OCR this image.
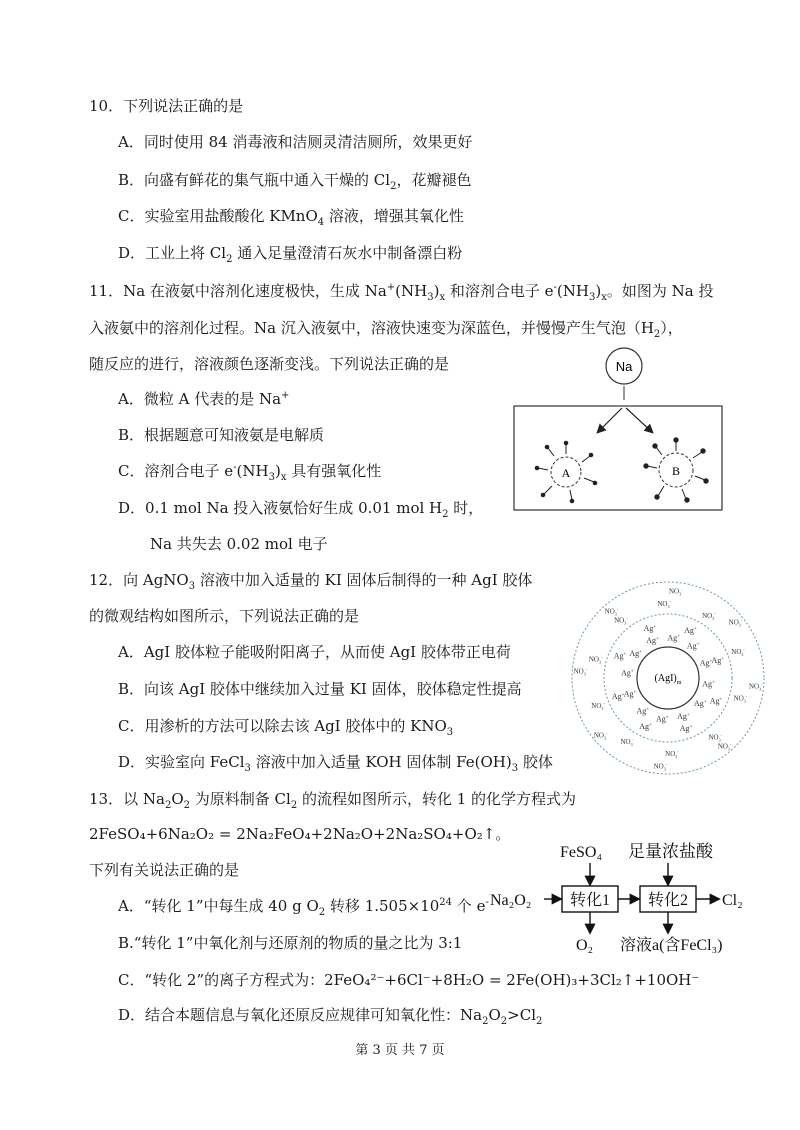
10．下列说法正确的是
A．同时使用 84 消毒液和洁厕灵清洁厕所，效果更好
B．向盛有鲜花的集气瓶中通入干燥的 $Cl_2$，花瓣褪色
C．实验室用盐酸酸化 KMnO$_4$ 溶液，增强其氧化性
D．工业上将 $Cl_2$ 通入足量澄清石灰水中制备漂白粉
11．Na 在液氨中溶剂化速度极快，生成 $Na^+(NH_3)_x$ 和溶剂合电子 $e^-(NH_3)_x$。如图为 Na 投
入液氨中的溶剂化过程。Na 沉入液氨中，溶液快速变为深蓝色，并慢慢产生气泡$(H_2)$，
随反应的进行，溶液颜色逐渐变浅。下列说法正确的是
A．微粒 A 代表的是 Na+
B．根据题意可知液氨是电解质
C．溶剂合电子 $e^-(NH_3)_x$ 具有强氧化性
D．0.1 mol Na 投入液氨恰好生成 0.01 mol $H_2$ 时，
Na 共失去 0.02 mol 电子
Na
A	B
12．向 AgNO$_3$ 溶液中加入适量的 KI 固体后制得的一种 AgI 胶体
的微观结构如图所示，下列说法正确的是
A．AgI 胶体粒子能吸附阳离子，从而使 AgI 胶体带正电荷
B．向该 AgI 胶体中继续加入过量 KI 固体，胶体稳定性提高
C．用渗析的方法可以除去该 AgI 胶体中的 $KNO_3$
D．实验室向 FeCl$_3$ 溶液中加入适量 KOH 固体制 $Fe(OH)_3$ 胶体
$(AgI)_m$	Ag+
Ag+
Ag+
Ag+
Ag+
Ag+
Ag+
Ag+
Ag+ Ag+
Ag+
Ag+
Ag+
Ag+
Ag+
Ag+
Ag+
Ag+	Ag+
Ag+
$NO_3^-$
$NO_3^-$
$NO_3^-$
$NO_3^-$
$NO_3^-$
$NO_3^-$
$NO_3^-$
$NO_3^-$
$NO_3^-$
$NO_3^-$
$NO_3^-$
$NO_3^-$
$NO_3^-$
$NO_3^-$
$NO_3^-$
$NO_3^-$
$NO_3^-$
$NO_3^-$
13．以 $Na_2O_2$ 为原料制备 $Cl_2$ 的流程如图所示，转化 1 的化学方程式为
2FeSO₄+6Na₂O₂ = 2Na₂FeO₄+2Na₂O+2Na₂SO₄+O₂↑。
下列有关说法正确的是
A．“转化 1”中每生成 40 g $O_2$ 转移 $1.505\times 10^{24}$ 个 e-
B.“转化 1”中氧化剂与还原剂的物质的量之比为 3:1
C．“转化 2”的离子方程式为：2FeO₄²⁻+6Cl⁻+8H₂O = 2Fe(OH)₃+3Cl₂↑+10OH⁻
D．结合本题信息与氧化还原反应规律可知氧化性：$Na_2O_2>Cl_2$
FeSO₄ 足量浓盐酸
Na₂O₂ 转化1 转化2 Cl₂
O₂ 溶液a(含FeCl₃)
第 3 页 共 7 页
